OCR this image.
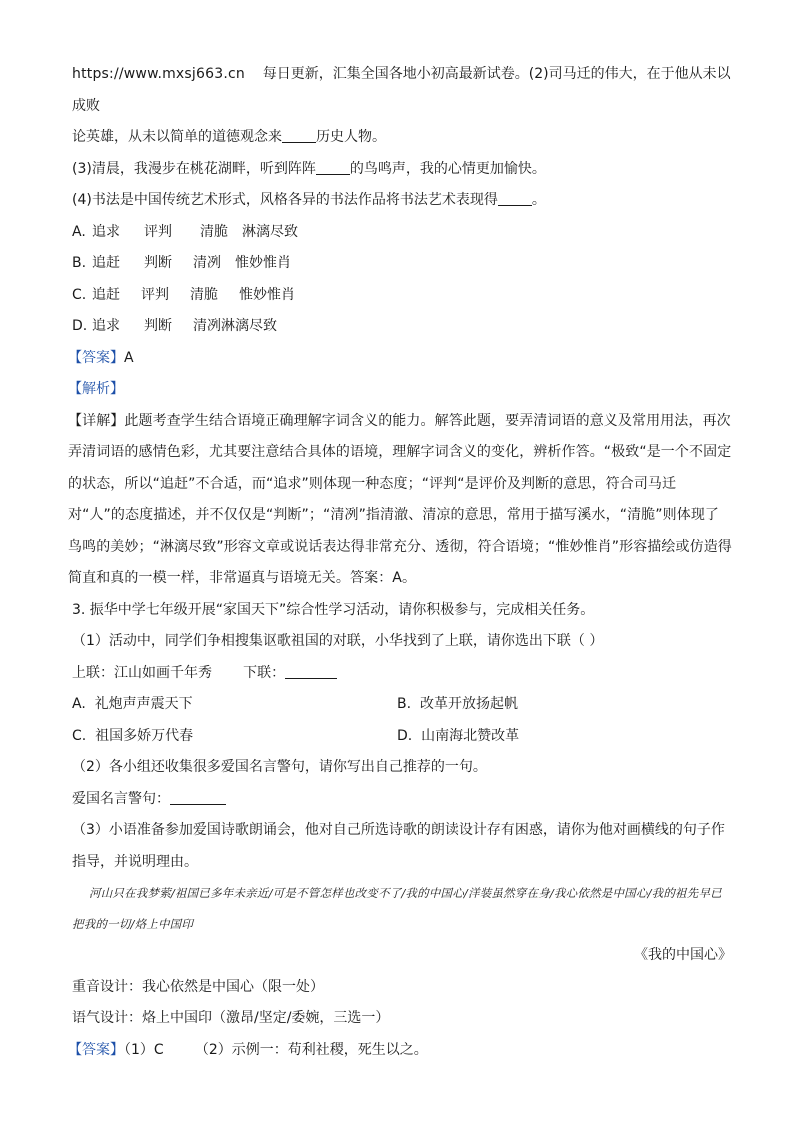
https://www.mxsj663.cn 每日更新，汇集全国各地小初高最新试卷。(2)司马迁的伟大，在于他从未以成败
论英雄，从未以简单的道德观念来 历史人物。

(3)清晨，我漫步在桃花湖畔，听到阵阵 的鸟鸣声，我的心情更加愉快。

(4)书法是中国传统艺术形式，风格各异的书法作品将书法艺术表现得 。

A. 追求 评判 清脆 淋漓尽致

B. 追赶 判断 清冽 惟妙惟肖

C. 追赶 评判 清脆 惟妙惟肖

D. 追求 判断 清冽淋漓尽致

【答案】A

【解析】

【详解】此题考查学生结合语境正确理解字词含义的能力。解答此题，要弄清词语的意义及常用用法，再次弄清词语的感情色彩，尤其要注意结合具体的语境，理解字词含义的变化，辨析作答。“极致“是一个不固定的状态，所以“追赶”不合适，而“追求”则体现一种态度；“评判“是评价及判断的意思，符合司马迁对“人”的态度描述，并不仅仅是“判断”；“清冽”指清澈、清凉的意思，常用于描写溪水，“清脆”则体现了鸟鸣的美妙；“淋漓尽致”形容文章或说话表达得非常充分、透彻，符合语境；“惟妙惟肖”形容描绘或仿造得简直和真的一模一样，非常逼真与语境无关。答案：A。

3. 振华中学七年级开展“家国天下”综合性学习活动，请你积极参与，完成相关任务。

（1）活动中，同学们争相搜集讴歌祖国的对联，小华找到了上联，请你选出下联（ ）

上联：江山如画千年秀 下联：

A. 礼炮声声震天下	B. 改革开放扬起帆
C. 祖国多娇万代春	D. 山南海北赞改革

（2）各小组还收集很多爱国名言警句，请你写出自己推荐的一句。

爱国名言警句：

（3）小语准备参加爱国诗歌朗诵会，他对自己所选诗歌的朗读设计存有困惑，请你为他对画横线的句子作指导，并说明理由。

河山只在我梦萦/祖国已多年未亲近/可是不管怎样也改变不了/我的中国心/洋装虽然穿在身/我心依然是中国心/我的祖先早已把我的一切/烙上中国印

《我的中国心》

重音设计：我心依然是中国心（限一处）

语气设计：烙上中国印（激昂/坚定/委婉，三选一）

【答案】（1）C （2）示例一：苟利社稷，死生以之。
